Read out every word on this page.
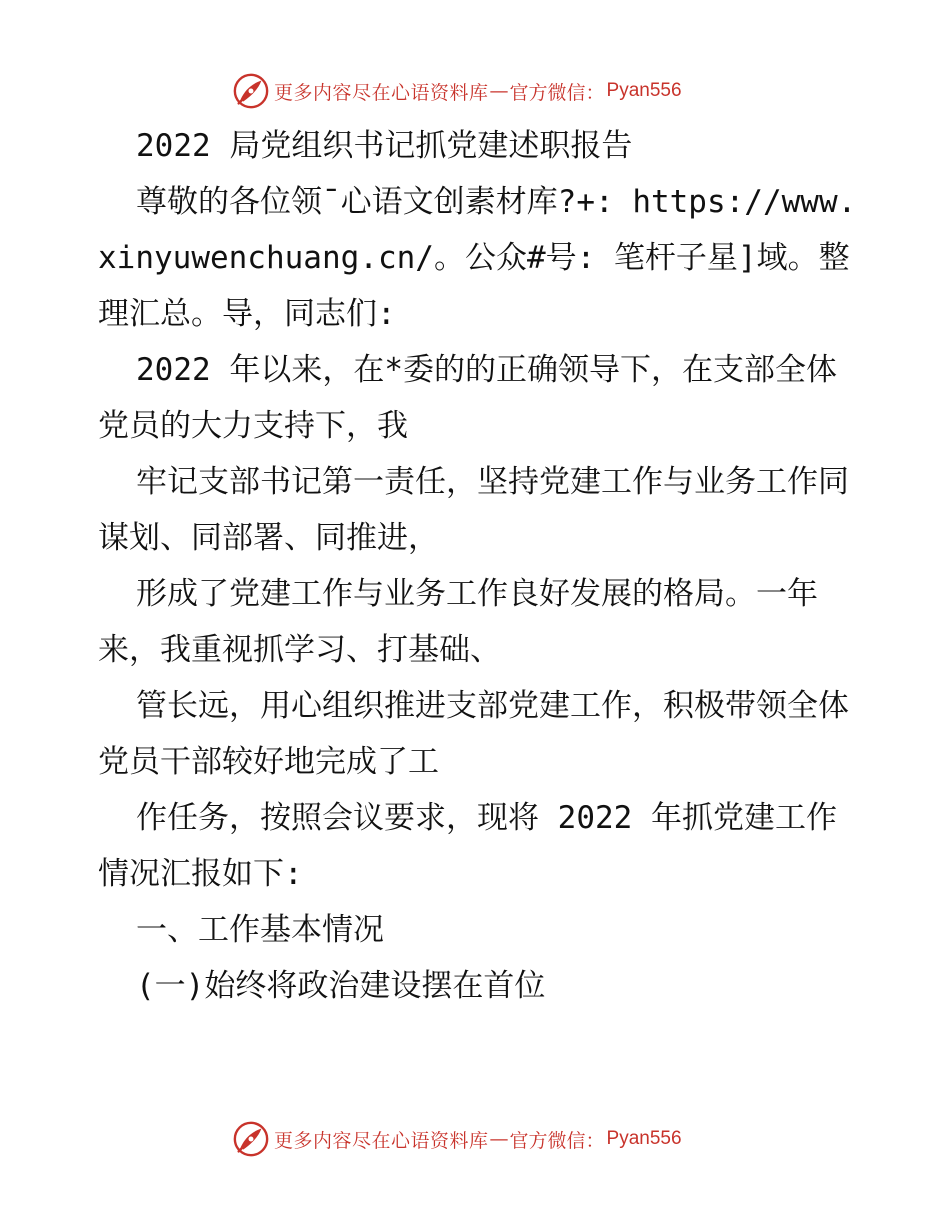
更多内容尽在心语资料库 — 官方微信： Pyan556

2022 局党组织书记抓党建述职报告

尊敬的各位领¯心语文创素材库?+: https://www.xinyuwenchuang.cn/。公众#号: 笔杆子星]域。整理汇总。导，同志们:

2022 年以来，在*委的的正确领导下，在支部全体党员的大力支持下，我

牢记支部书记第一责任，坚持党建工作与业务工作同谋划、同部署、同推进，

形成了党建工作与业务工作良好发展的格局。一年来，我重视抓学习、打基础、

管长远，用心组织推进支部党建工作，积极带领全体党员干部较好地完成了工

作任务，按照会议要求，现将 2022 年抓党建工作情况汇报如下:

一、工作基本情况

(一)始终将政治建设摆在首位

更多内容尽在心语资料库 — 官方微信： Pyan556
